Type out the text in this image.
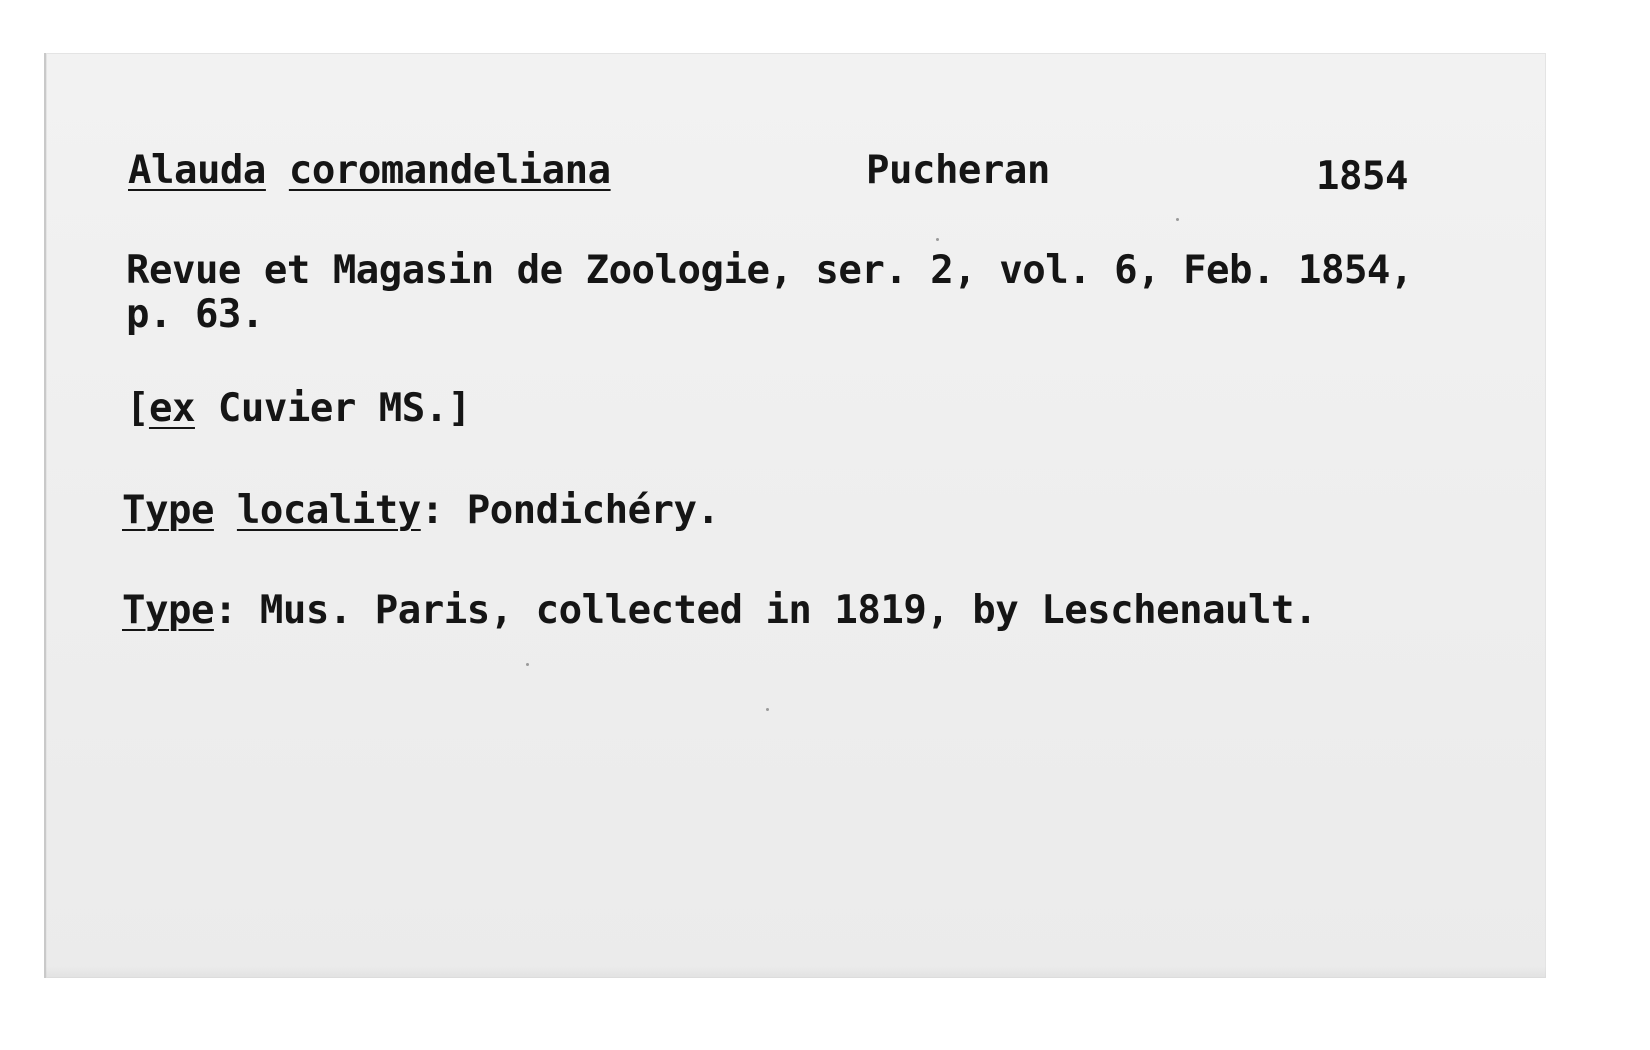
Alauda coromandeliana	Pucheran	1854
Revue et Magasin de Zoologie, ser. 2, vol. 6, Feb. 1854,
p. 63.
[ex Cuvier MS.]
Type locality: Pondichéry.
Type: Mus. Paris, collected in 1819, by Leschenault.
